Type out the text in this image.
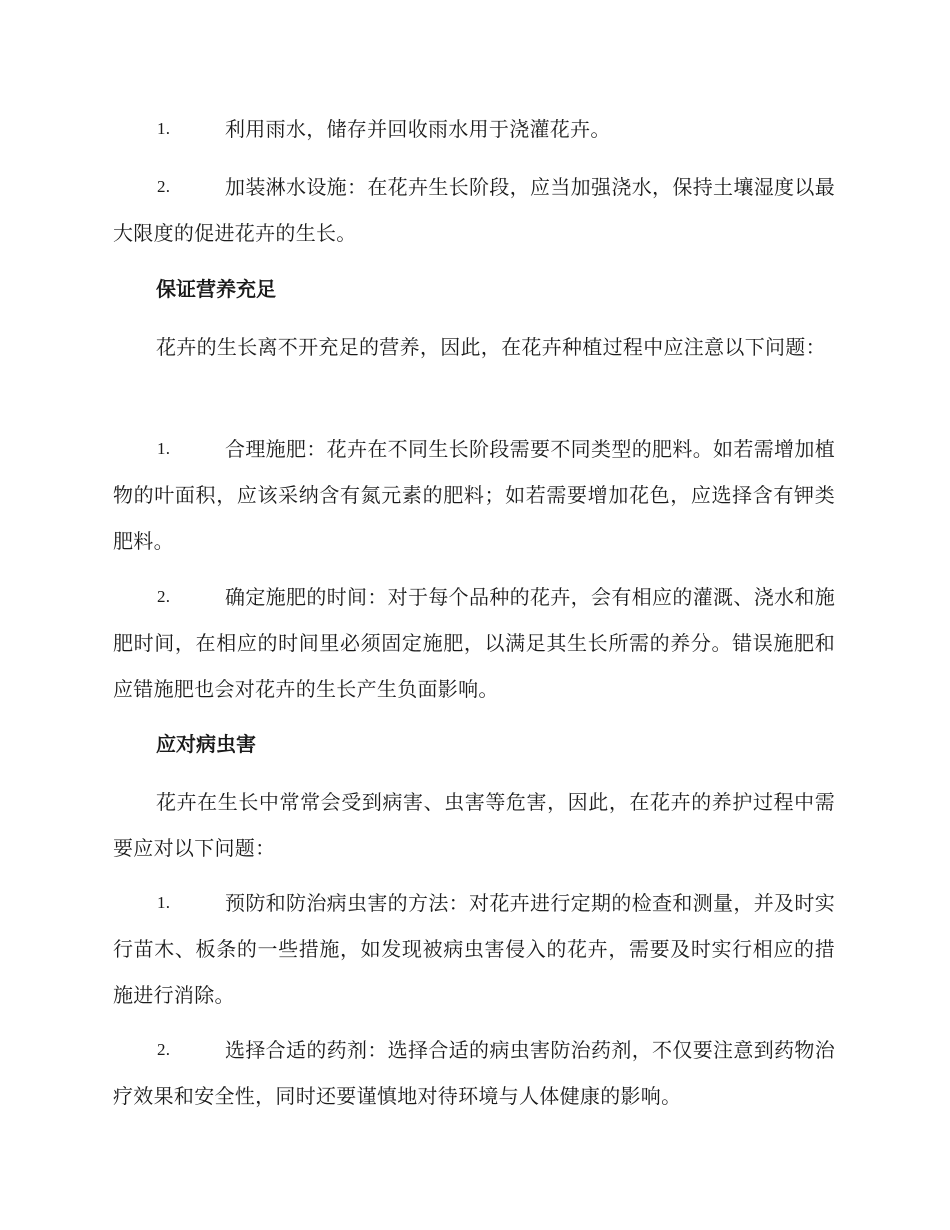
1.	利用雨水，储存并回收雨水用于浇灌花卉。
2.	加装淋水设施：在花卉生长阶段，应当加强浇水，保持土壤湿度以最大限度的促进花卉的生长。
保证营养充足
花卉的生长离不开充足的营养，因此，在花卉种植过程中应注意以下问题：
1.	合理施肥：花卉在不同生长阶段需要不同类型的肥料。如若需增加植物的叶面积，应该采纳含有氮元素的肥料；如若需要增加花色，应选择含有钾类肥料。
2.	确定施肥的时间：对于每个品种的花卉，会有相应的灌溉、浇水和施肥时间，在相应的时间里必须固定施肥，以满足其生长所需的养分。错误施肥和应错施肥也会对花卉的生长产生负面影响。
应对病虫害
花卉在生长中常常会受到病害、虫害等危害，因此，在花卉的养护过程中需要应对以下问题：
1.	预防和防治病虫害的方法：对花卉进行定期的检查和测量，并及时实行苗木、板条的一些措施，如发现被病虫害侵入的花卉，需要及时实行相应的措施进行消除。
2.	选择合适的药剂：选择合适的病虫害防治药剂，不仅要注意到药物治疗效果和安全性，同时还要谨慎地对待环境与人体健康的影响。
